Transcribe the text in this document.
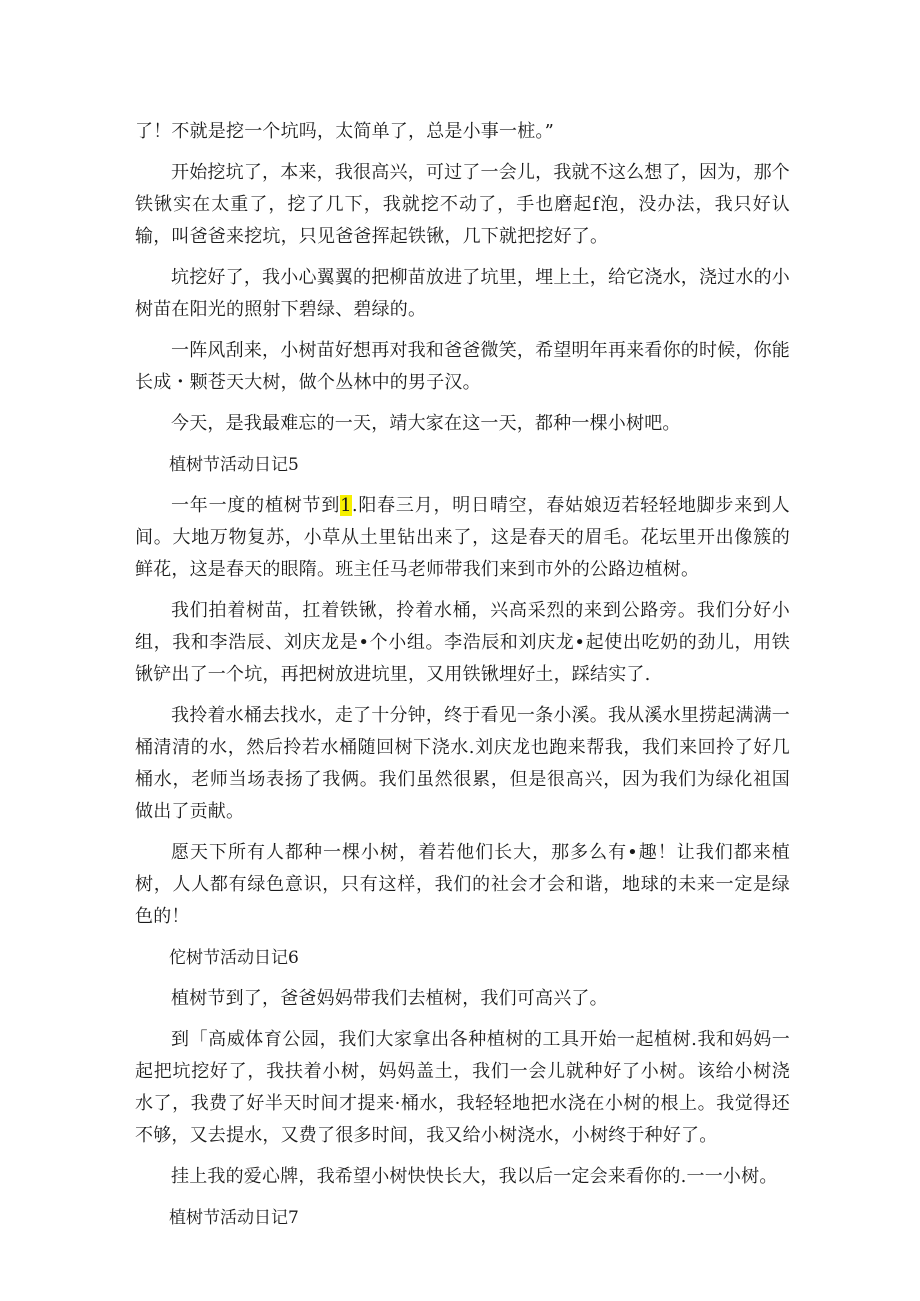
了！不就是挖一个坑吗，太简单了，总是小事一桩。”

开始挖坑了，本来，我很高兴，可过了一会儿，我就不这么想了，因为，那个铁锹实在太重了，挖了几下，我就挖不动了，手也磨起f泡，没办法，我只好认输，叫爸爸来挖坑，只见爸爸挥起铁锹，几下就把挖好了。

坑挖好了，我小心翼翼的把柳苗放进了坑里，埋上土，给它浇水，浇过水的小树苗在阳光的照射下碧绿、碧绿的。

一阵风刮来，小树苗好想再对我和爸爸微笑，希望明年再来看你的时候，你能长成・颗苍天大树，做个丛林中的男子汉。

今天，是我最难忘的一天，靖大家在这一天，都种一棵小树吧。

植树节活动日记5

一年一度的植树节到1.阳春三月，明日晴空，春姑娘迈若轻轻地脚步来到人间。大地万物复苏，小草从土里钻出来了，这是春天的眉毛。花坛里开出像簇的鲜花，这是春天的眼隋。班主任马老师带我们来到市外的公路边植树。

我们拍着树苗，扛着铁锹，拎着水桶，兴高采烈的来到公路旁。我们分好小组，我和李浩辰、刘庆龙是•个小组。李浩辰和刘庆龙•起使出吃奶的劲儿，用铁锹铲出了一个坑，再把树放进坑里，又用铁锹埋好土，踩结实了.

我拎着水桶去找水，走了十分钟，终于看见一条小溪。我从溪水里捞起满满一桶清清的水，然后拎若水桶随回树下浇水.刘庆龙也跑来帮我，我们来回拎了好几桶水，老师当场表扬了我俩。我们虽然很累，但是很高兴，因为我们为绿化祖国做出了贡献。

愿天下所有人都种一棵小树，着若他们长大，那多么有•趣！让我们都来植树，人人都有绿色意识，只有这样，我们的社会才会和谐，地球的未来一定是绿色的！

佗树节活动日记6

植树节到了，爸爸妈妈带我们去植树，我们可高兴了。

到「高威体育公园，我们大家拿出各种植树的工具开始一起植树.我和妈妈一起把坑挖好了，我扶着小树，妈妈盖土，我们一会儿就种好了小树。该给小树浇水了，我费了好半天时间才提来·桶水，我轻轻地把水浇在小树的根上。我觉得还不够，又去提水，又费了很多时间，我又给小树浇水，小树终于种好了。

挂上我的爱心牌，我希望小树快快长大，我以后一定会来看你的.一一小树。

植树节活动日记7
